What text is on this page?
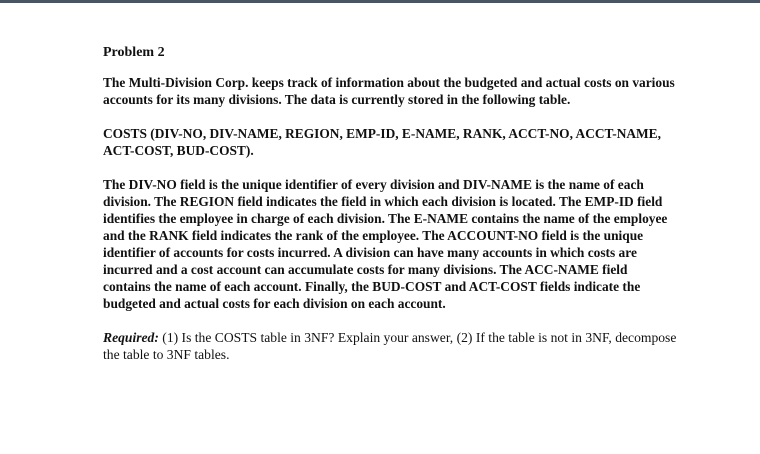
Problem 2

The Multi-Division Corp. keeps track of information about the budgeted and actual costs on various accounts for its many divisions. The data is currently stored in the following table.

COSTS (DIV-NO, DIV-NAME, REGION, EMP-ID, E-NAME, RANK, ACCT-NO, ACCT-NAME, ACT-COST, BUD-COST).

The DIV-NO field is the unique identifier of every division and DIV-NAME is the name of each division. The REGION field indicates the field in which each division is located. The EMP-ID field identifies the employee in charge of each division. The E-NAME contains the name of the employee and the RANK field indicates the rank of the employee. The ACCOUNT-NO field is the unique identifier of accounts for costs incurred. A division can have many accounts in which costs are incurred and a cost account can accumulate costs for many divisions. The ACC-NAME field contains the name of each account. Finally, the BUD-COST and ACT-COST fields indicate the budgeted and actual costs for each division on each account.

Required: (1) Is the COSTS table in 3NF? Explain your answer, (2) If the table is not in 3NF, decompose the table to 3NF tables.
